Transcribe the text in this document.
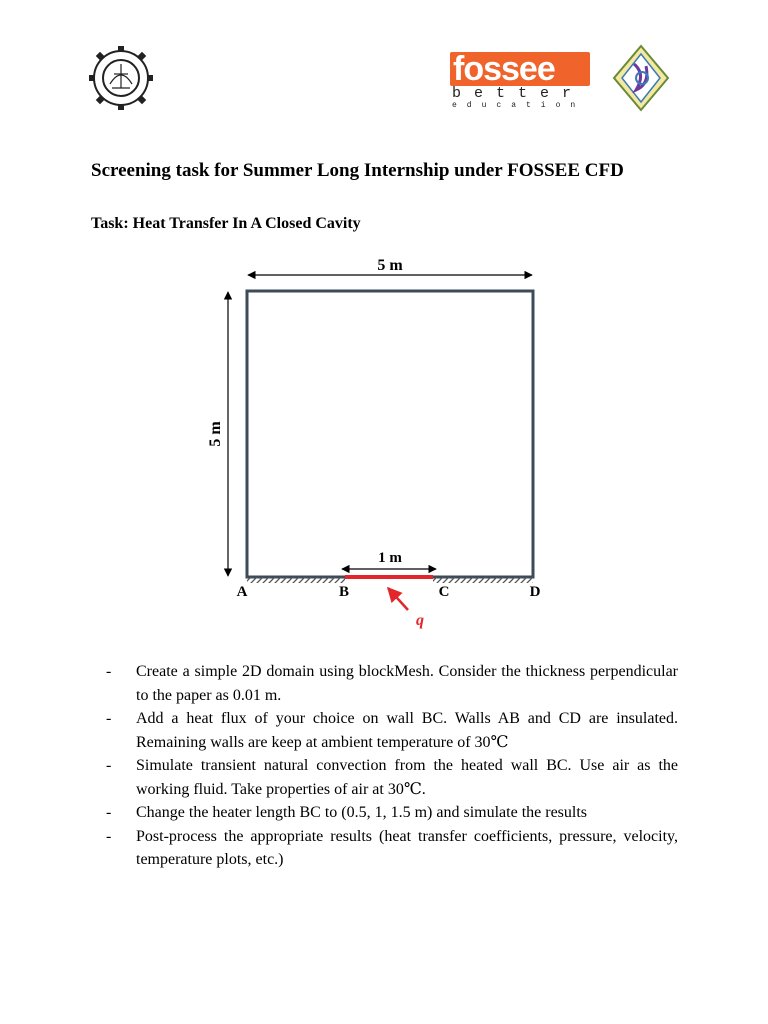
fossee
better
education
Screening task for Summer Long Internship under FOSSEE CFD
Task: Heat Transfer In A Closed Cavity
5 m
5 m
1 m
A	B	C	D
q
- Create a simple 2D domain using blockMesh. Consider the thickness perpendicular to the paper as 0.01 m.
- Add a heat flux of your choice on wall BC. Walls AB and CD are insulated. Remaining walls are keep at ambient temperature of 30℃
- Simulate transient natural convection from the heated wall BC. Use air as the working fluid. Take properties of air at 30℃.
- Change the heater length BC to (0.5, 1, 1.5 m) and simulate the results
- Post-process the appropriate results (heat transfer coefficients, pressure, velocity, temperature plots, etc.)
